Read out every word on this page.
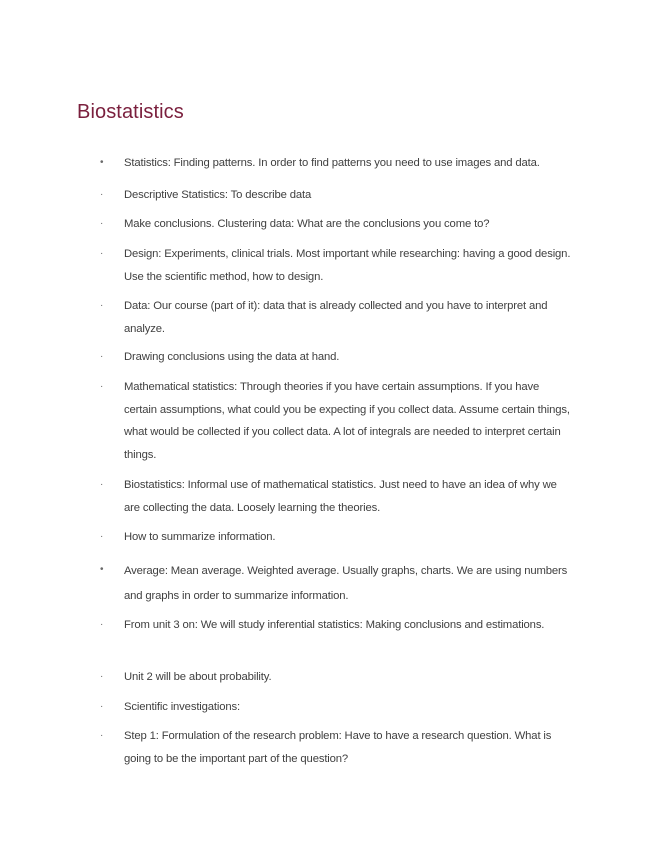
Biostatistics
• Statistics: Finding patterns. In order to find patterns you need to use images and data.
· Descriptive Statistics: To describe data
· Make conclusions. Clustering data: What are the conclusions you come to?
· Design: Experiments, clinical trials. Most important while researching: having a good design. Use the scientific method, how to design.
· Data: Our course (part of it): data that is already collected and you have to interpret and analyze.
· Drawing conclusions using the data at hand.
· Mathematical statistics: Through theories if you have certain assumptions. If you have certain assumptions, what could you be expecting if you collect data. Assume certain things, what would be collected if you collect data. A lot of integrals are needed to interpret certain things.
· Biostatistics: Informal use of mathematical statistics. Just need to have an idea of why we are collecting the data. Loosely learning the theories.
· How to summarize information.
• Average: Mean average. Weighted average. Usually graphs, charts. We are using numbers and graphs in order to summarize information.
· From unit 3 on: We will study inferential statistics: Making conclusions and estimations.
· Unit 2 will be about probability.
· Scientific investigations:
· Step 1: Formulation of the research problem: Have to have a research question. What is going to be the important part of the question?
